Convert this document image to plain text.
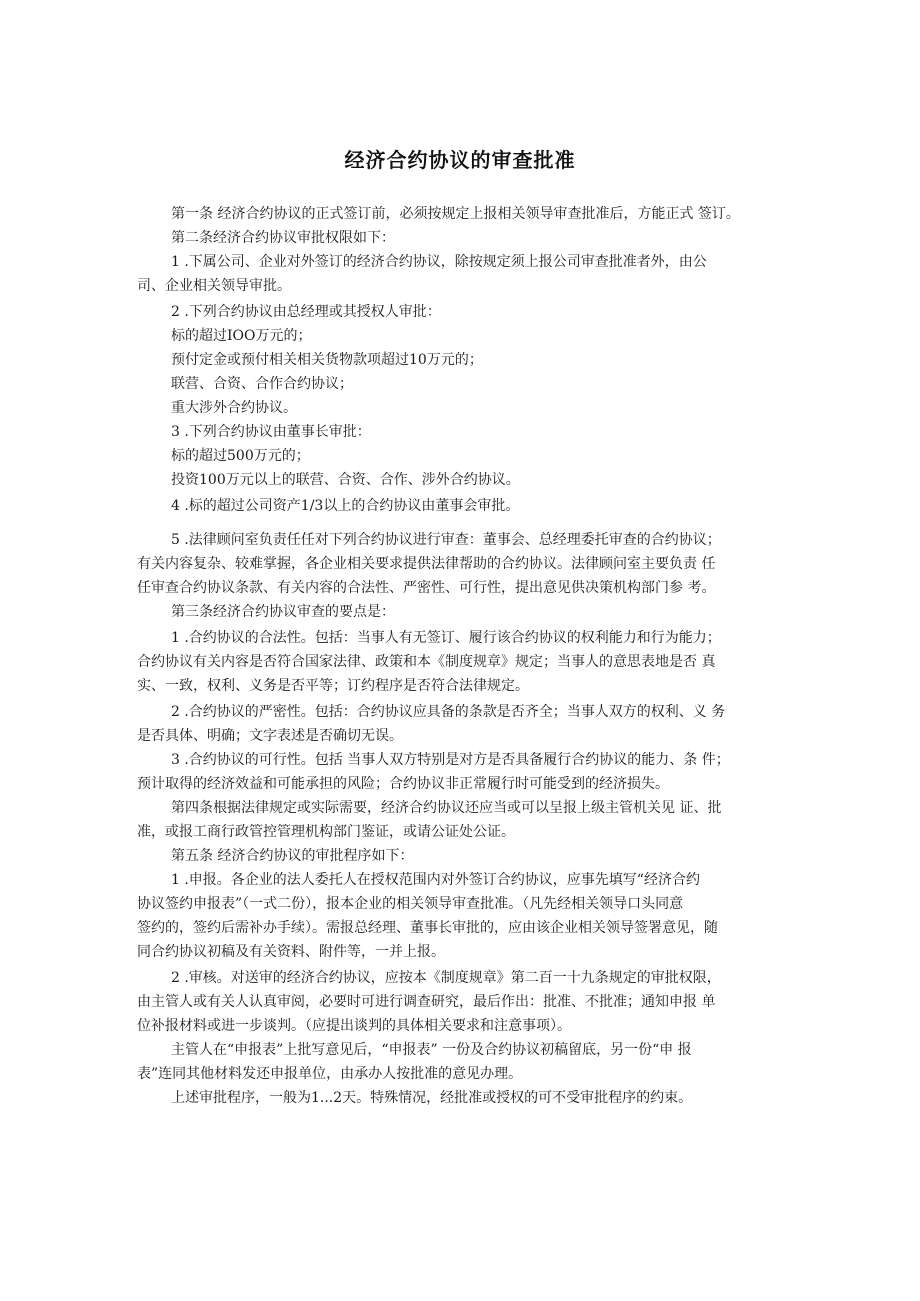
经济合约协议的审查批准
第一条 经济合约协议的正式签订前，必须按规定上报相关领导审查批准后，方能正式 签订。
第二条经济合约协议审批权限如下：
1 .下属公司、企业对外签订的经济合约协议，除按规定须上报公司审查批准者外，由公
司、企业相关领导审批。
2 .下列合约协议由总经理或其授权人审批：
标的超过IOO万元的；
预付定金或预付相关相关货物款项超过10万元的；
联营、合资、合作合约协议；
重大涉外合约协议。
3 .下列合约协议由董事长审批：
标的超过500万元的；
投资100万元以上的联营、合资、合作、涉外合约协议。
4 .标的超过公司资产1/3以上的合约协议由董事会审批。
5 .法律顾问室负责任任对下列合约协议进行审查：董事会、总经理委托审查的合约协议；
有关内容复杂、较难掌握，各企业相关要求提供法律帮助的合约协议。法律顾问室主要负责 任
任审查合约协议条款、有关内容的合法性、严密性、可行性，提出意见供决策机构部门参 考。
第三条经济合约协议审查的要点是：
1 .合约协议的合法性。包括：当事人有无签订、履行该合约协议的权利能力和行为能力；
合约协议有关内容是否符合国家法律、政策和本《制度规章》规定；当事人的意思表地是否 真
实、一致，权利、义务是否平等；订约程序是否符合法律规定。
2 .合约协议的严密性。包括：合约协议应具备的条款是否齐全；当事人双方的权利、义 务
是否具体、明确；文字表述是否确切无误。
3 .合约协议的可行性。包括 当事人双方特别是对方是否具备履行合约协议的能力、条 件；
预计取得的经济效益和可能承担的风险；合约协议非正常履行时可能受到的经济损失。
第四条根据法律规定或实际需要，经济合约协议还应当或可以呈报上级主管机关见 证、批
准，或报工商行政管控管理机构部门鉴证，或请公证处公证。
第五条 经济合约协议的审批程序如下：
1 .申报。各企业的法人委托人在授权范围内对外签订合约协议，应事先填写“经济合约
协议签约申报表”（一式二份），报本企业的相关领导审查批准。（凡先经相关领导口头同意
签约的，签约后需补办手续）。需报总经理、董事长审批的，应由该企业相关领导签署意见，随
同合约协议初稿及有关资料、附件等，一并上报。
2 .审核。对送审的经济合约协议，应按本《制度规章》第二百一十九条规定的审批权限，
由主管人或有关人认真审阅，必要时可进行调查研究，最后作出：批准、不批准；通知申报 单
位补报材料或进一步谈判。（应提出谈判的具体相关要求和注意事项）。
主管人在“申报表”上批写意见后，“申报表” 一份及合约协议初稿留底，另一份“申 报
表”连同其他材料发还申报单位，由承办人按批准的意见办理。
上述审批程序，一般为1...2天。特殊情况，经批准或授权的可不受审批程序的约束。
